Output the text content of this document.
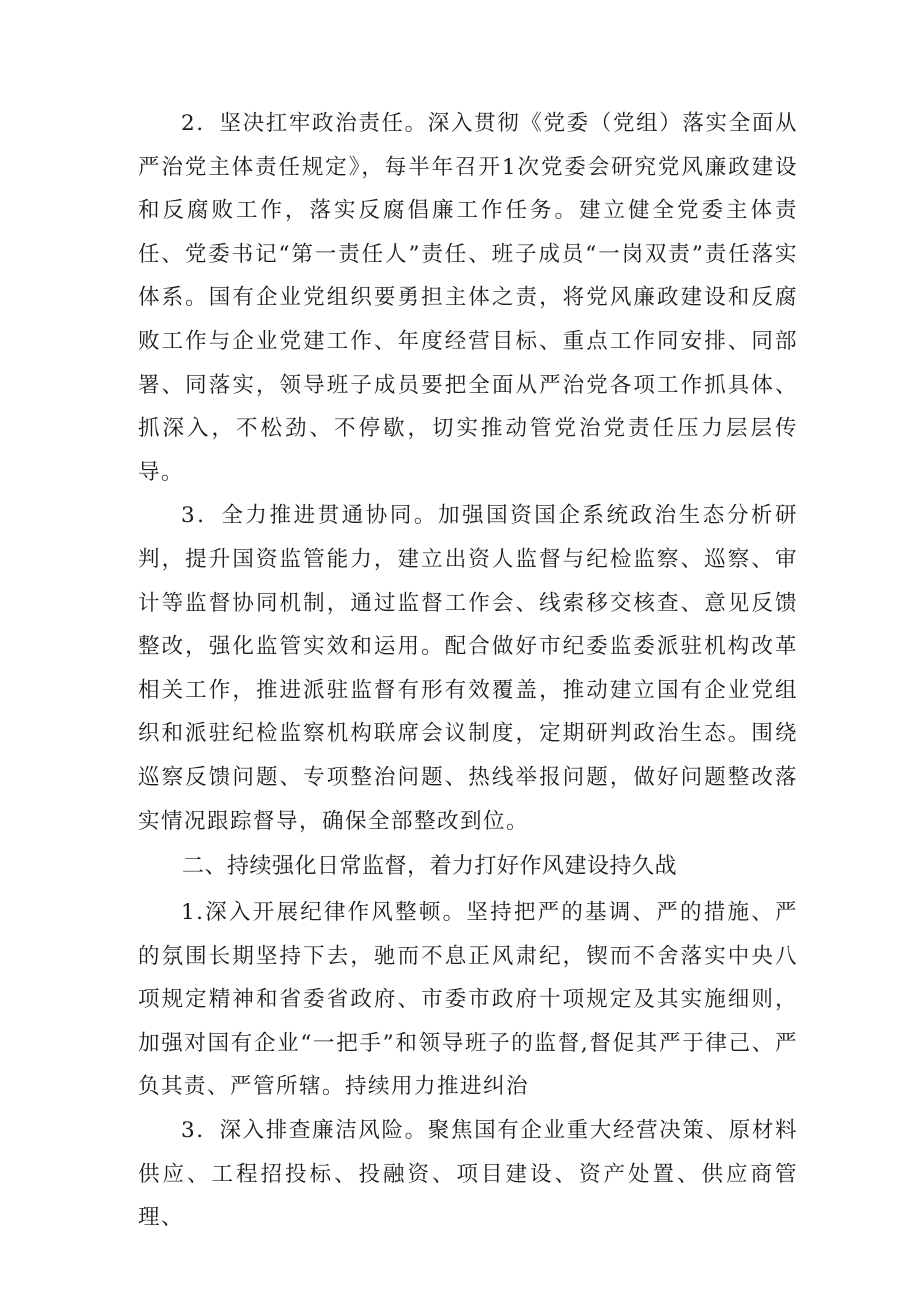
2．坚决扛牢政治责任。深入贯彻《党委（党组）落实全面从严治党主体责任规定》，每半年召开1次党委会研究党风廉政建设和反腐败工作，落实反腐倡廉工作任务。建立健全党委主体责任、党委书记“第一责任人”责任、班子成员“一岗双责”责任落实体系。国有企业党组织要勇担主体之责，将党风廉政建设和反腐败工作与企业党建工作、年度经营目标、重点工作同安排、同部署、同落实，领导班子成员要把全面从严治党各项工作抓具体、抓深入，不松劲、不停歇，切实推动管党治党责任压力层层传导。

3．全力推进贯通协同。加强国资国企系统政治生态分析研判，提升国资监管能力，建立出资人监督与纪检监察、巡察、审计等监督协同机制，通过监督工作会、线索移交核查、意见反馈整改，强化监管实效和运用。配合做好市纪委监委派驻机构改革相关工作，推进派驻监督有形有效覆盖，推动建立国有企业党组织和派驻纪检监察机构联席会议制度，定期研判政治生态。围绕巡察反馈问题、专项整治问题、热线举报问题，做好问题整改落实情况跟踪督导，确保全部整改到位。

二、持续强化日常监督，着力打好作风建设持久战

1.深入开展纪律作风整顿。坚持把严的基调、严的措施、严的氛围长期坚持下去，驰而不息正风肃纪，锲而不舍落实中央八项规定精神和省委省政府、市委市政府十项规定及其实施细则，加强对国有企业“一把手”和领导班子的监督,督促其严于律己、严负其责、严管所辖。持续用力推进纠治

3．深入排查廉洁风险。聚焦国有企业重大经营决策、原材料供应、工程招投标、投融资、项目建设、资产处置、供应商管理、
